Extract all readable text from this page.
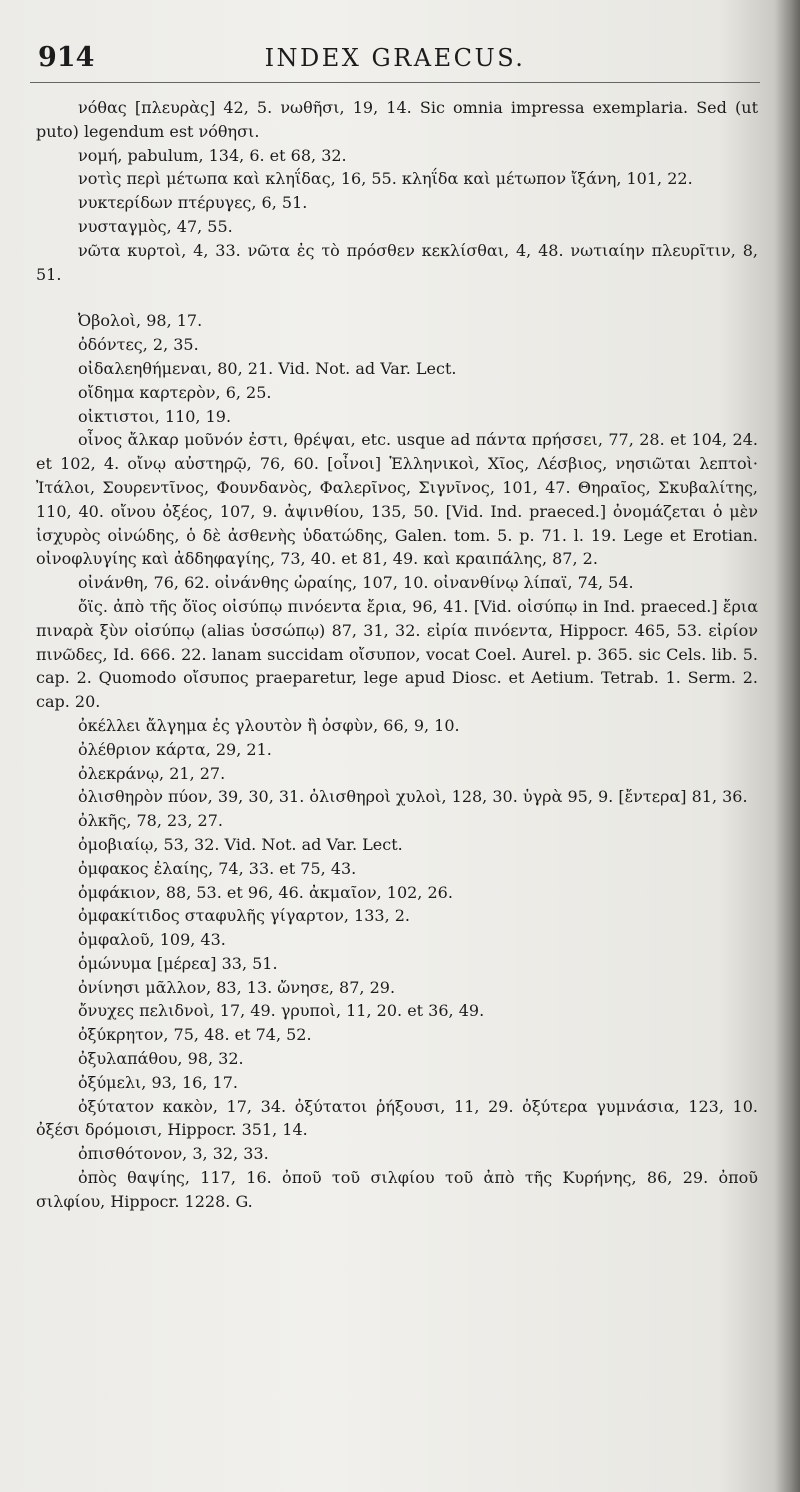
914	INDEX GRAECUS.

νόθας [πλευρὰς] 42, 5. νωθῆσι, 19, 14. Sic omnia impressa exemplaria. Sed (ut puto) legendum est νόθησι.

νομή, pabulum, 134, 6. et 68, 32.

νοτὶς περὶ μέτωπα καὶ κληΐδας, 16, 55. κληΐδα καὶ μέτωπον ἴξάνη, 101, 22.

νυκτερίδων πτέρυγες, 6, 51.

νυσταγμὸς, 47, 55.

νῶτα κυρτοὶ, 4, 33. νῶτα ἐς τὸ πρόσθεν κεκλίσθαι, 4, 48. νωτιαίην πλευρῖτιν, 8, 51.

Ὀβολοὶ, 98, 17.

ὀδόντες, 2, 35.

οἰδαλεηθήμεναι, 80, 21. Vid. Not. ad Var. Lect.

οἴδημα καρτερὸν, 6, 25.

οἰκτιστοι, 110, 19.

οἶνος ἄλκαρ μοῦνόν ἐστι, θρέψαι, etc. usque ad πάντα πρήσσει, 77, 28. et 104, 24. et 102, 4. οἴνῳ αὐστηρῷ, 76, 60. [οἶνοι] Ἑλληνικοὶ, Χῖος, Λέσβιος, νησιῶται λεπτοὶ· Ἰτάλοι, Σουρεντῖνος, Φουνδανὸς, Φαλερῖνος, Σιγνῖνος, 101, 47. Θηραῖος, Σκυβαλίτης, 110, 40. οἴνου ὀξέος, 107, 9. ἀψινθίου, 135, 50. [Vid. Ind. praeced.] ὀνομάζεται ὁ μὲν ἰσχυρὸς οἰνώδης, ὁ δὲ ἀσθενὴς ὑδατώδης, Galen. tom. 5. p. 71. l. 19. Lege et Erotian. οἰνοφλυγίης καὶ ἀδδηφαγίης, 73, 40. et 81, 49. καὶ κραιπάλης, 87, 2.

οἰνάνθη, 76, 62. οἰνάνθης ὡραίης, 107, 10. οἰνανθίνῳ λίπαϊ, 74, 54.

ὄϊς. ἀπὸ τῆς ὄϊος οἰσύπῳ πινόεντα ἔρια, 96, 41. [Vid. οἰσύπῳ in Ind. praeced.] ἔρια πιναρὰ ξὺν οἰσύπῳ (alias ὑσσώπῳ) 87, 31, 32. εἰρία πινόεντα, Hippocr. 465, 53. εἰρίον πινῶδες, Id. 666. 22. lanam succidam οἴσυπον, vocat Coel. Aurel. p. 365. sic Cels. lib. 5. cap. 2. Quomodo οἴσυπος praeparetur, lege apud Diosc. et Aetium. Tetrab. 1. Serm. 2. cap. 20.

ὀκέλλει ἄλγημα ἐς γλουτὸν ἢ ὀσφὺν, 66, 9, 10.

ὀλέθριον κάρτα, 29, 21.

ὀλεκράνῳ, 21, 27.

ὀλισθηρὸν πύον, 39, 30, 31. ὀλισθηροὶ χυλοὶ, 128, 30. ὑγρὰ 95, 9. [ἔντερα] 81, 36.

ὀλκῆς, 78, 23, 27.

ὀμοβιαίῳ, 53, 32. Vid. Not. ad Var. Lect.

ὀμφακος ἐλαίης, 74, 33. et 75, 43.

ὀμφάκιον, 88, 53. et 96, 46. ἀκμαῖον, 102, 26.

ὀμφακίτιδος σταφυλῆς γίγαρτον, 133, 2.

ὀμφαλοῦ, 109, 43.

ὁμώνυμα [μέρεα] 33, 51.

ὀνίνησι μᾶλλον, 83, 13. ὤνησε, 87, 29.

ὄνυχες πελιδνοὶ, 17, 49. γρυποὶ, 11, 20. et 36, 49.

ὀξύκρητον, 75, 48. et 74, 52.

ὀξυλαπάθου, 98, 32.

ὀξύμελι, 93, 16, 17.

ὀξύτατον κακὸν, 17, 34. ὀξύτατοι ῥήξουσι, 11, 29. ὀξύτερα γυμνάσια, 123, 10. ὀξέσι δρόμοισι, Hippocr. 351, 14.

ὀπισθότονον, 3, 32, 33.

ὀπὸς θαψίης, 117, 16. ὀποῦ τοῦ σιλφίου τοῦ ἀπὸ τῆς Κυρήνης, 86, 29. ὀποῦ σιλφίου, Hippocr. 1228. G.
